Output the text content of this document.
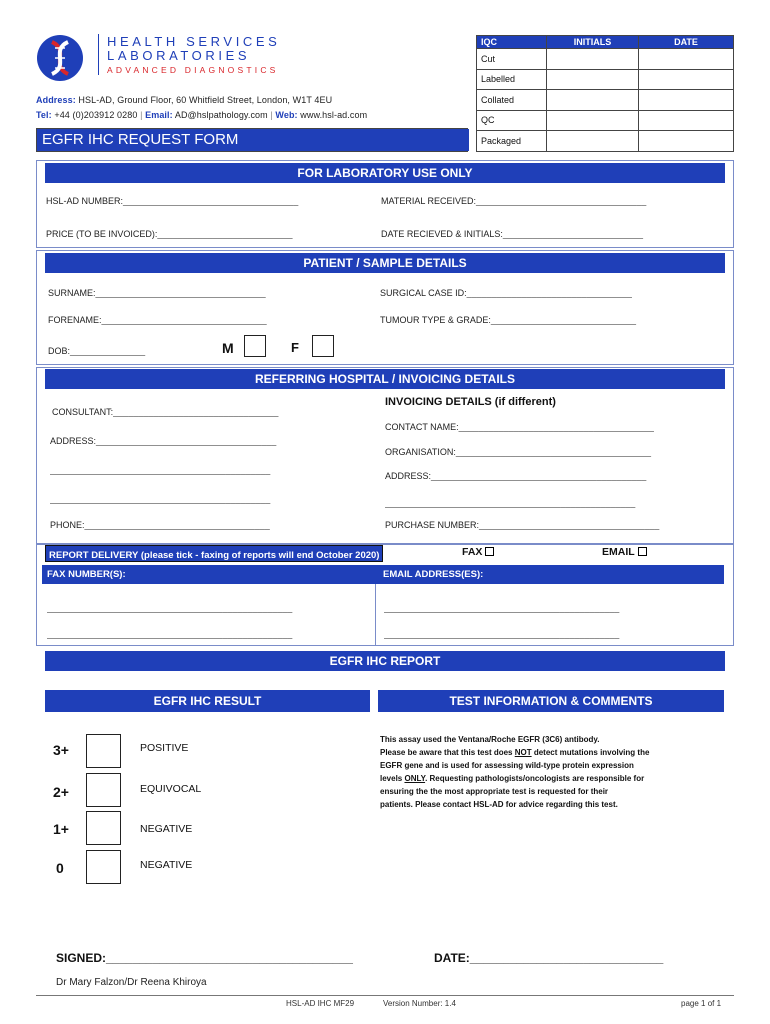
HEALTH SERVICES
LABORATORIES
ADVANCED DIAGNOSTICS
Address: HSL-AD, Ground Floor, 60 Whitfield Street, London, W1T 4EU
Tel: +44 (0)203912 0280 | Email: AD@hslpathology.com | Web: www.hsl-ad.com
EGFR IHC REQUEST FORM
IQC	INITIALS	DATE
Cut		
Labelled		
Collated		
QC		
Packaged		
FOR LABORATORY USE ONLY
HSL-AD NUMBER:___________________________________	MATERIAL RECEIVED:__________________________________
PRICE (TO BE INVOICED):___________________________	DATE RECIEVED & INITIALS:____________________________
PATIENT / SAMPLE DETAILS
SURNAME:__________________________________	SURGICAL CASE ID:_________________________________
FORENAME:_________________________________	TUMOUR TYPE & GRADE:_____________________________
DOB:_______________	M	F
REFERRING HOSPITAL / INVOICING DETAILS
CONSULTANT:_________________________________
ADDRESS:____________________________________
____________________________________________
____________________________________________
PHONE:_____________________________________
INVOICING DETAILS (if different)
CONTACT NAME:_______________________________________
ORGANISATION:_______________________________________
ADDRESS:___________________________________________
__________________________________________________
PURCHASE NUMBER:____________________________________
REPORT DELIVERY (please tick - faxing of reports will end October 2020)	FAX	EMAIL
FAX NUMBER(S):	EMAIL ADDRESS(ES):
_________________________________________________
_________________________________________________
_______________________________________________
_______________________________________________
EGFR IHC REPORT
EGFR IHC RESULT	TEST INFORMATION & COMMENTS
3+	POSITIVE
2+	EQUIVOCAL
1+	NEGATIVE
0	NEGATIVE
This assay used the Ventana/Roche EGFR (3C6) antibody.
Please be aware that this test does NOT detect mutations involving the
EGFR gene and is used for assessing wild-type protein expression
levels ONLY. Requesting pathologists/oncologists are responsible for
ensuring the the most appropriate test is requested for their
patients. Please contact HSL-AD for advice regarding this test.
SIGNED:_____________________________________	DATE:_____________________________
Dr Mary Falzon/Dr Reena Khiroya
HSL-AD IHC MF29	Version Number: 1.4	page 1 of 1
